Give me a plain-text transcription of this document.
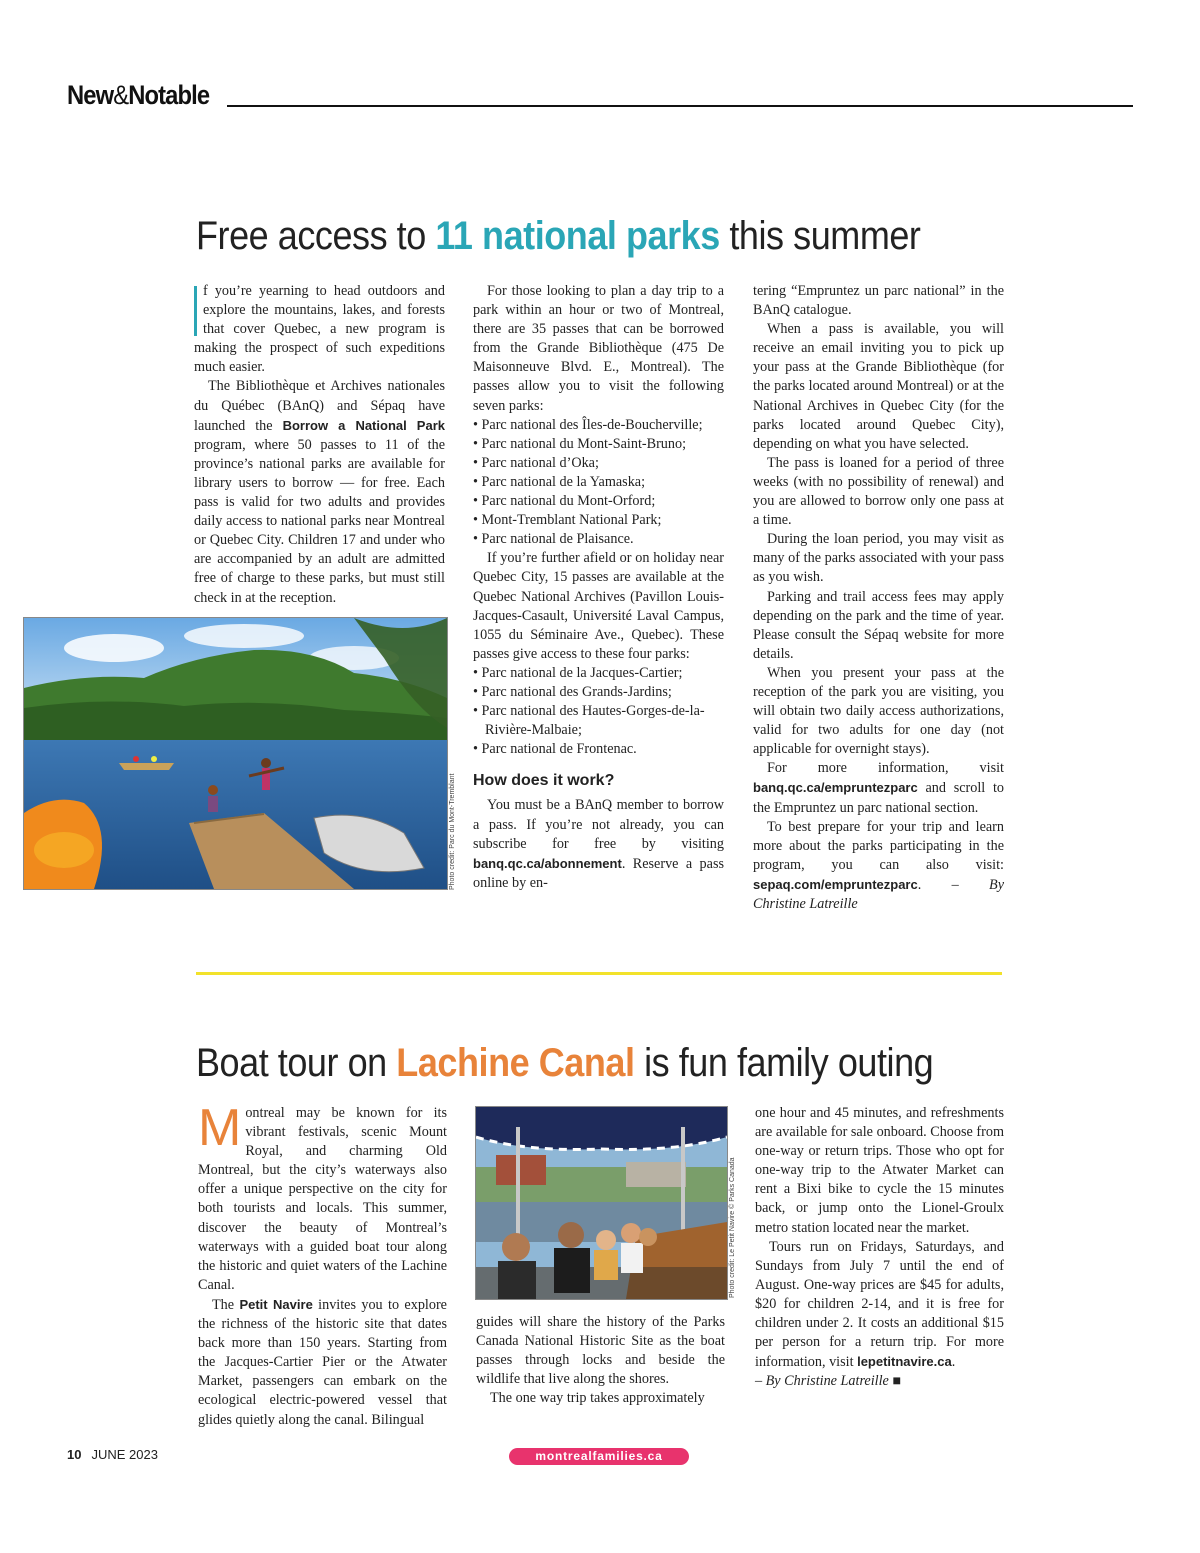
New&Notable
Free access to 11 national parks this summer

f you’re yearning to head outdoors and explore the mountains, lakes, and forests that cover Quebec, a new program is making the prospect of such expeditions much easier.

The Bibliothèque et Archives nationales du Québec (BAnQ) and Sépaq have launched the Borrow a National Park program, where 50 passes to 11 of the province’s national parks are available for library users to borrow — for free. Each pass is valid for two adults and provides daily access to national parks near Montreal or Quebec City. Children 17 and under who are accompanied by an adult are admitted free of charge to these parks, but must still check in at the reception.

Photo credit: Parc du Mont-Tremblant

For those looking to plan a day trip to a park within an hour or two of Montreal, there are 35 passes that can be borrowed from the Grande Bibliothèque (475 De Maisonneuve Blvd. E., Montreal). The passes allow you to visit the following seven parks:

• Parc national des Îles-de-Boucherville;
• Parc national du Mont-Saint-Bruno;
• Parc national d’Oka;
• Parc national de la Yamaska;
• Parc national du Mont-Orford;
• Mont-Tremblant National Park;
• Parc national de Plaisance.

If you’re further afield or on holiday near Quebec City, 15 passes are available at the Quebec National Archives (Pavillon Louis-Jacques-Casault, Université Laval Campus, 1055 du Séminaire Ave., Quebec). These passes give access to these four parks:

• Parc national de la Jacques-Cartier;
• Parc national des Grands-Jardins;
• Parc national des Hautes-Gorges-de-la-Rivière-Malbaie;
• Parc national de Frontenac.
How does it work?

You must be a BAnQ member to borrow a pass. If you’re not already, you can subscribe for free by visiting banq.qc.ca/abonnement. Reserve a pass online by en-

tering “Empruntez un parc national” in the BAnQ catalogue.

When a pass is available, you will receive an email inviting you to pick up your pass at the Grande Bibliothèque (for the parks located around Montreal) or at the National Archives in Quebec City (for the parks located around Quebec City), depending on what you have selected.

The pass is loaned for a period of three weeks (with no possibility of renewal) and you are allowed to borrow only one pass at a time.

During the loan period, you may visit as many of the parks associated with your pass as you wish.

Parking and trail access fees may apply depending on the park and the time of year. Please consult the Sépaq website for more details.

When you present your pass at the reception of the park you are visiting, you will obtain two daily access authorizations, valid for two adults for one day (not applicable for overnight stays).

For more information, visit banq.qc.ca/empruntezparc and scroll to the Empruntez un parc national section.

To best prepare for your trip and learn more about the parks participating in the program, you can also visit: sepaq.com/empruntezparc. – By Christine Latreille

Boat tour on Lachine Canal is fun family outing

Montreal may be known for its vibrant festivals, scenic Mount Royal, and charming Old Montreal, but the city’s waterways also offer a unique perspective on the city for both tourists and locals. This summer, discover the beauty of Montreal’s waterways with a guided boat tour along the historic and quiet waters of the Lachine Canal.

The Petit Navire invites you to explore the richness of the historic site that dates back more than 150 years. Starting from the Jacques-Cartier Pier or the Atwater Market, passengers can embark on the ecological electric-powered vessel that glides quietly along the canal. Bilingual

Photo credit: Le Petit Navire © Parks Canada

guides will share the history of the Parks Canada National Historic Site as the boat passes through locks and beside the wildlife that live along the shores.

The one way trip takes approximately

one hour and 45 minutes, and refreshments are available for sale onboard. Choose from one-way or return trips. Those who opt for one-way trip to the Atwater Market can rent a Bixi bike to cycle the 15 minutes back, or jump onto the Lionel-Groulx metro station located near the market.

Tours run on Fridays, Saturdays, and Sundays from July 7 until the end of August. One-way prices are $45 for adults, $20 for children 2-14, and it is free for children under 2. It costs an additional $15 per person for a return trip. For more information, visit lepetitnavire.ca.

– By Christine Latreille ■

10 JUNE 2023	montrealfamilies.ca
